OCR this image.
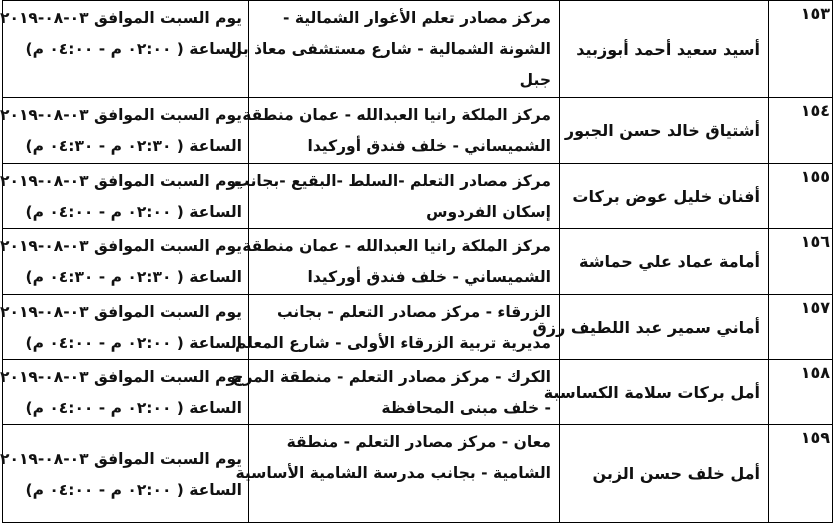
١٥٣	أسيد سعيد أحمد أبوزبيد	مركز مصادر تعلم الأغوار الشمالية -
الشونة الشمالية - شارع مستشفى معاذ بن
جبل	يوم السبت الموافق ٠٣-٠٨-٢٠١٩
الساعة ( ٠٢:٠٠ م - ٠٤:٠٠ م)

١٥٤	أشتياق خالد حسن الجبور	مركز الملكة رانيا العبدالله - عمان منطقة
الشميساني - خلف فندق أوركيدا	يوم السبت الموافق ٠٣-٠٨-٢٠١٩
الساعة ( ٠٢:٣٠ م - ٠٤:٣٠ م)

١٥٥	أفنان خليل عوض بركات	مركز مصادر التعلم -السلط -البقيع -بجانب
إسكان الفردوس	يوم السبت الموافق ٠٣-٠٨-٢٠١٩
الساعة ( ٠٢:٠٠ م - ٠٤:٠٠ م)

١٥٦	أمامة عماد علي حماشة	مركز الملكة رانيا العبدالله - عمان منطقة
الشميساني - خلف فندق أوركيدا	يوم السبت الموافق ٠٣-٠٨-٢٠١٩
الساعة ( ٠٢:٣٠ م - ٠٤:٣٠ م)

١٥٧	أماني سمير عبد اللطيف رزق	الزرقاء - مركز مصادر التعلم - بجانب
مديرية تربية الزرقاء الأولى - شارع المعلم	يوم السبت الموافق ٠٣-٠٨-٢٠١٩
الساعة ( ٠٢:٠٠ م - ٠٤:٠٠ م)

١٥٨	أمل بركات سلامة الكساسبة	الكرك - مركز مصادر التعلم - منطقة المرج
- خلف مبنى المحافظة	يوم السبت الموافق ٠٣-٠٨-٢٠١٩
الساعة ( ٠٢:٠٠ م - ٠٤:٠٠ م)

١٥٩	أمل خلف حسن الزبن	معان - مركز مصادر التعلم - منطقة
الشامية - بجانب مدرسة الشامية الأساسية	يوم السبت الموافق ٠٣-٠٨-٢٠١٩
الساعة ( ٠٢:٠٠ م - ٠٤:٠٠ م)
